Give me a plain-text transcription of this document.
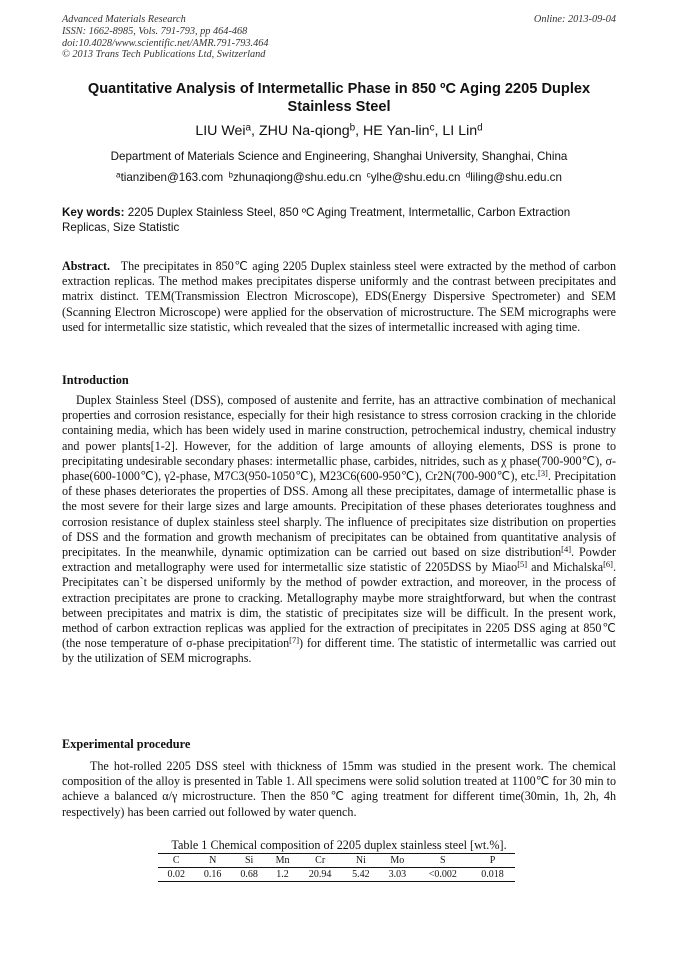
Advanced Materials Research
ISSN: 1662-8985, Vols. 791-793, pp 464-468
doi:10.4028/www.scientific.net/AMR.791-793.464
© 2013 Trans Tech Publications Ltd, Switzerland
Online: 2013-09-04
Quantitative Analysis of Intermetallic Phase in 850 ºC Aging 2205 Duplex Stainless Steel
LIU Wei$^a$, ZHU Na-qiong$^b$, HE Yan-lin$^c$, LI Lin$^d$
Department of Materials Science and Engineering, Shanghai University, Shanghai, China
$^a$tianziben@163.com $^b$zhunaqiong@shu.edu.cn $^c$ylhe@shu.edu.cn $^d$liling@shu.edu.cn
Key words: 2205 Duplex Stainless Steel, 850 ºC Aging Treatment, Intermetallic, Carbon Extraction Replicas, Size Statistic
Abstract. The precipitates in 850℃ aging 2205 Duplex stainless steel were extracted by the method of carbon extraction replicas. The method makes precipitates disperse uniformly and the contrast between precipitates and matrix distinct. TEM(Transmission Electron Microscope), EDS(Energy Dispersive Spectrometer) and SEM (Scanning Electron Microscope) were applied for the observation of microstructure. The SEM micrographs were used for intermetallic size statistic, which revealed that the sizes of intermetallic increased with aging time.
Introduction
Duplex Stainless Steel (DSS), composed of austenite and ferrite, has an attractive combination of mechanical properties and corrosion resistance, especially for their high resistance to stress corrosion cracking in the chloride containing media, which has been widely used in marine construction, petrochemical industry, chemical industry and power plants[1-2]. However, for the addition of large amounts of alloying elements, DSS is prone to precipitating undesirable secondary phases: intermetallic phase, carbides, nitrides, such as χ phase(700-900℃), σ-phase(600-1000℃), γ2-phase, M7C3(950-1050℃), M23C6(600-950℃), Cr2N(700-900℃), etc.[3]. Precipitation of these phases deteriorates the properties of DSS. Among all these precipitates, damage of intermetallic phase is the most severe for their large sizes and large amounts. Precipitation of these phases deteriorates toughness and corrosion resistance of duplex stainless steel sharply. The influence of precipitates size distribution on properties of DSS and the formation and growth mechanism of precipitates can be obtained from quantitative analysis of precipitates. In the meanwhile, dynamic optimization can be carried out based on size distribution[4]. Powder extraction and metallography were used for intermetallic size statistic of 2205DSS by Miao[5] and Michalska[6]. Precipitates can`t be dispersed uniformly by the method of powder extraction, and moreover, in the process of extraction precipitates are prone to cracking. Metallography maybe more straightforward, but when the contrast between precipitates and matrix is dim, the statistic of precipitates size will be difficult. In the present work, method of carbon extraction replicas was applied for the extraction of precipitates in 2205 DSS aging at 850℃ (the nose temperature of σ-phase precipitation[7]) for different time. The statistic of intermetallic was carried out by the utilization of SEM micrographs.
Experimental procedure
The hot-rolled 2205 DSS steel with thickness of 15mm was studied in the present work. The chemical composition of the alloy is presented in Table 1. All specimens were solid solution treated at 1100℃ for 30 min to achieve a balanced α/γ microstructure. Then the 850℃ aging treatment for different time(30min, 1h, 2h, 4h respectively) has been carried out followed by water quench.
Table 1 Chemical composition of 2205 duplex stainless steel [wt.%].
C	N	Si	Mn	Cr	Ni	Mo	S	P
0.02	0.16	0.68	1.2	20.94	5.42	3.03	<0.002	0.018
